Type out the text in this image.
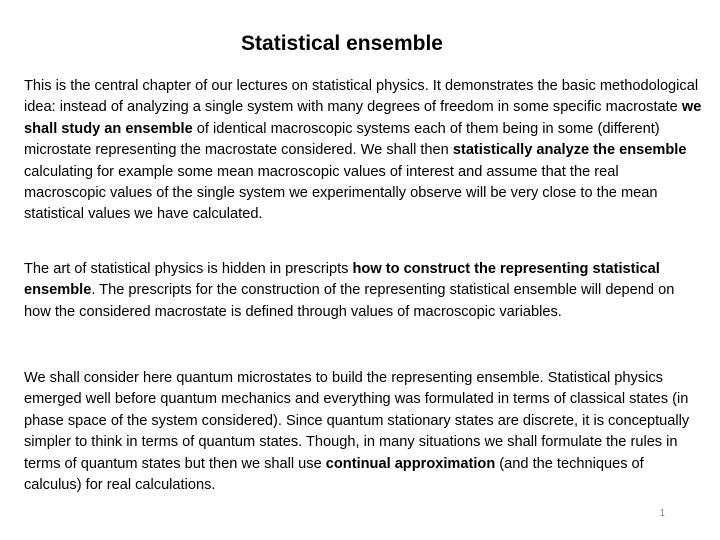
Statistical ensemble

This is the central chapter of our lectures on statistical physics. It demonstrates the basic methodological idea: instead of analyzing a single system with many degrees of freedom in some specific macrostate we shall study an ensemble of identical macroscopic systems each of them being in some (different) microstate representing the macrostate considered. We shall then statistically analyze the ensemble calculating for example some mean macroscopic values of interest and assume that the real macroscopic values of the single system we experimentally observe will be very close to the mean statistical values we have calculated.

The art of statistical physics is hidden in prescripts how to construct the representing statistical ensemble. The prescripts for the construction of the representing statistical ensemble will depend on how the considered macrostate is defined through values of macroscopic variables.

We shall consider here quantum microstates to build the representing ensemble. Statistical physics emerged well before quantum mechanics and everything was formulated in terms of classical states (in phase space of the system considered). Since quantum stationary states are discrete, it is conceptually simpler to think in terms of quantum states. Though, in many situations we shall formulate the rules in terms of quantum states but then we shall use continual approximation (and the techniques of calculus) for real calculations.

1
